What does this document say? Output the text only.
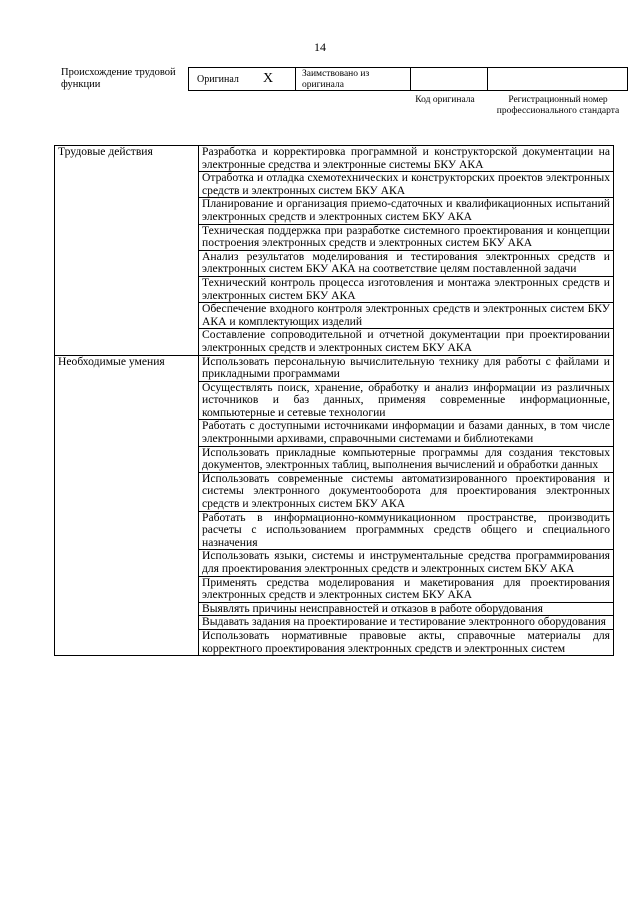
14
Происхождение трудовой функции	Оригинал X	Заимствовано из оригинала
Код оригинала	Регистрационный номер профессионального стандарта
Трудовые действия	Разработка и корректировка программной и конструкторской документации на электронные средства и электронные системы БКУ АКА
	Отработка и отладка схемотехнических и конструкторских проектов электронных средств и электронных систем БКУ АКА
	Планирование и организация приемо-сдаточных и квалификационных испытаний электронных средств и электронных систем БКУ АКА
	Техническая поддержка при разработке системного проектирования и концепции построения электронных средств и электронных систем БКУ АКА
	Анализ результатов моделирования и тестирования электронных средств и электронных систем БКУ АКА на соответствие целям поставленной задачи
	Технический контроль процесса изготовления и монтажа электронных средств и электронных систем БКУ АКА
	Обеспечение входного контроля электронных средств и электронных систем БКУ АКА и комплектующих изделий
	Составление сопроводительной и отчетной документации при проектировании электронных средств и электронных систем БКУ АКА
Необходимые умения	Использовать персональную вычислительную технику для работы с файлами и прикладными программами
	Осуществлять поиск, хранение, обработку и анализ информации из различных источников и баз данных, применяя современные информационные, компьютерные и сетевые технологии
	Работать с доступными источниками информации и базами данных, в том числе электронными архивами, справочными системами и библиотеками
	Использовать прикладные компьютерные программы для создания текстовых документов, электронных таблиц, выполнения вычислений и обработки данных
	Использовать современные системы автоматизированного проектирования и системы электронного документооборота для проектирования электронных средств и электронных систем БКУ АКА
	Работать в информационно-коммуникационном пространстве, производить расчеты с использованием программных средств общего и специального назначения
	Использовать языки, системы и инструментальные средства программирования для проектирования электронных средств и электронных систем БКУ АКА
	Применять средства моделирования и макетирования для проектирования электронных средств и электронных систем БКУ АКА
	Выявлять причины неисправностей и отказов в работе оборудования
	Выдавать задания на проектирование и тестирование электронного оборудования
	Использовать нормативные правовые акты, справочные материалы для корректного проектирования электронных средств и электронных систем
